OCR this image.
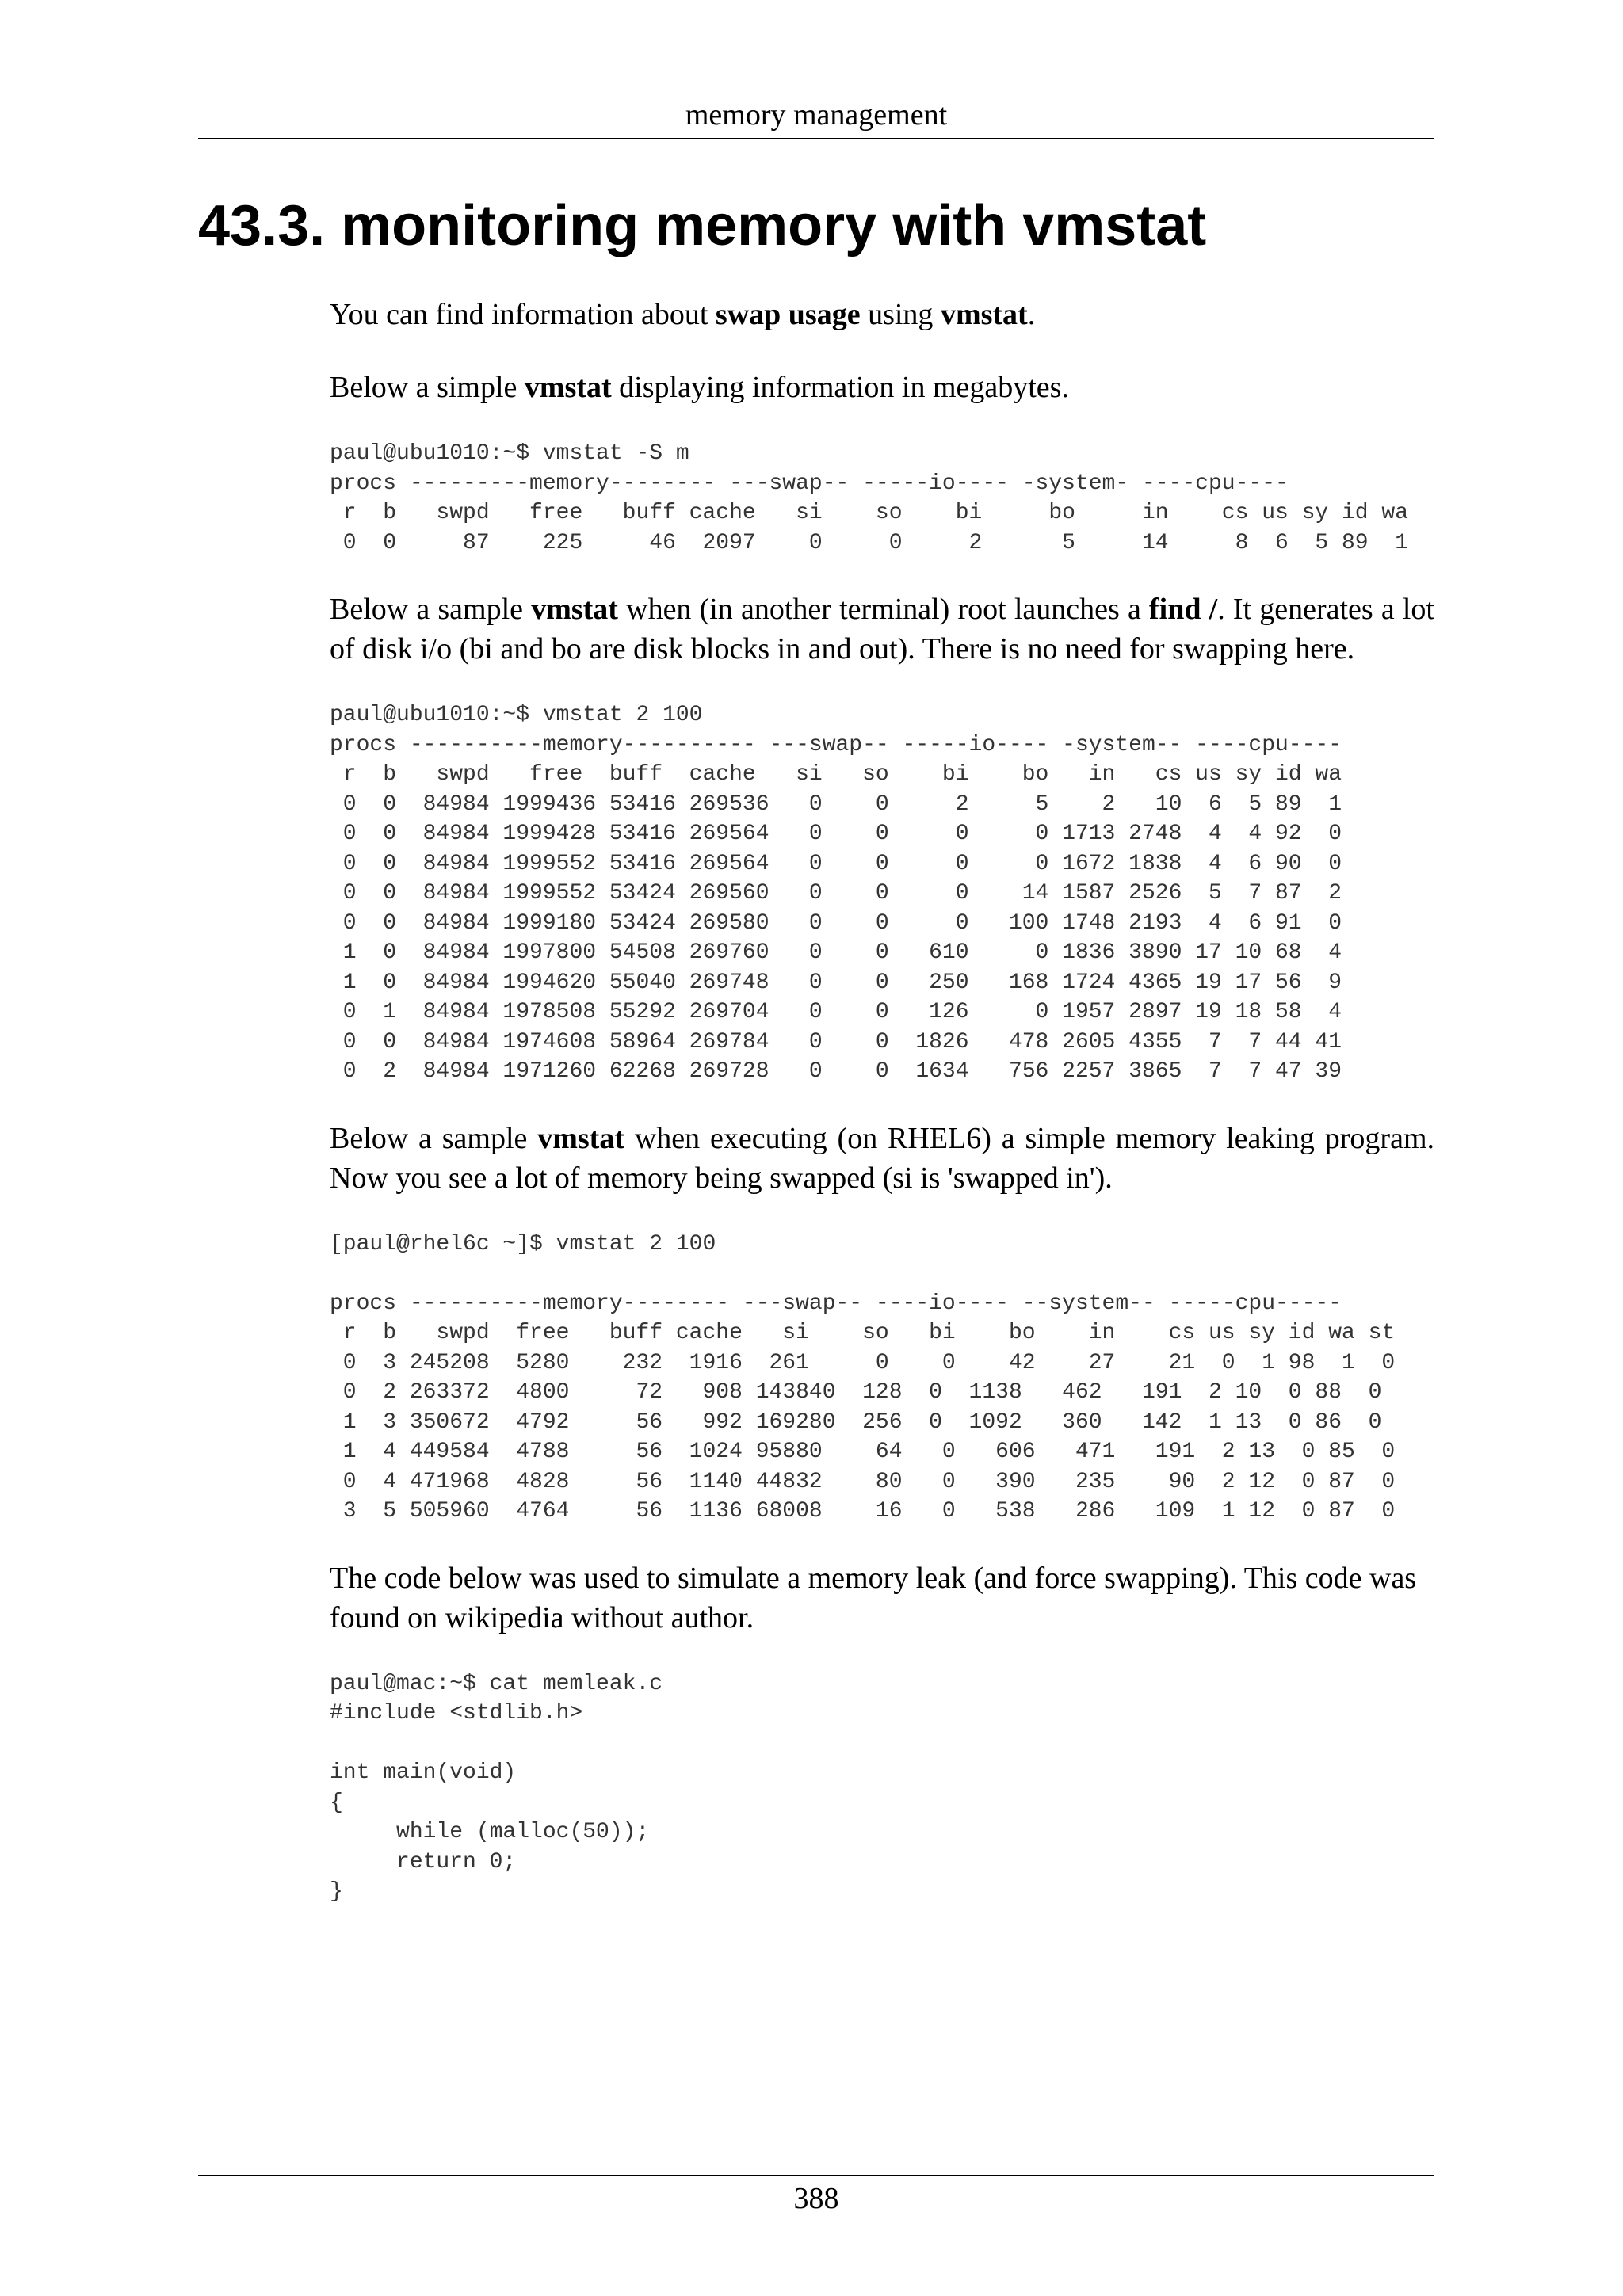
memory management
43.3. monitoring memory with vmstat

You can find information about swap usage using vmstat.

Below a simple vmstat displaying information in megabytes.

paul@ubu1010:~$ vmstat -S m
procs ---------memory-------- ---swap-- -----io---- -system- ----cpu----
r  b   swpd   free   buff cache   si    so    bi     bo     in    cs us sy id wa
0  0     87    225     46  2097    0     0     2      5     14     8  6  5 89  1

Below a sample vmstat when (in another terminal) root launches a find /. It generates a lot of disk i/o (bi and bo are disk blocks in and out). There is no need for swapping here.

paul@ubu1010:~$ vmstat 2 100
procs ----------memory---------- ---swap-- -----io---- -system-- ----cpu----
r  b   swpd   free  buff  cache   si   so    bi    bo   in   cs us sy id wa
0  0  84984 1999436 53416 269536   0    0     2     5    2   10  6  5 89  1
0  0  84984 1999428 53416 269564   0    0     0     0 1713 2748  4  4 92  0
0  0  84984 1999552 53416 269564   0    0     0     0 1672 1838  4  6 90  0
0  0  84984 1999552 53424 269560   0    0     0    14 1587 2526  5  7 87  2
0  0  84984 1999180 53424 269580   0    0     0   100 1748 2193  4  6 91  0
1  0  84984 1997800 54508 269760   0    0   610     0 1836 3890 17 10 68  4
1  0  84984 1994620 55040 269748   0    0   250   168 1724 4365 19 17 56  9
0  1  84984 1978508 55292 269704   0    0   126     0 1957 2897 19 18 58  4
0  0  84984 1974608 58964 269784   0    0  1826   478 2605 4355  7  7 44 41
0  2  84984 1971260 62268 269728   0    0  1634   756 2257 3865  7  7 47 39

Below a sample vmstat when executing (on RHEL6) a simple memory leaking program. Now you see a lot of memory being swapped (si is 'swapped in').

[paul@rhel6c ~]$ vmstat 2 100

procs ----------memory-------- ---swap-- ----io---- --system-- -----cpu-----
r  b   swpd  free   buff cache   si    so   bi    bo    in    cs us sy id wa st
0  3 245208  5280    232  1916  261     0    0    42    27    21  0  1 98  1  0
0  2 263372  4800     72   908 143840  128  0  1138   462   191  2 10  0 88  0
1  3 350672  4792     56   992 169280  256  0  1092   360   142  1 13  0 86  0
1  4 449584  4788     56  1024 95880    64   0   606   471   191  2 13  0 85  0
0  4 471968  4828     56  1140 44832    80   0   390   235    90  2 12  0 87  0
3  5 505960  4764     56  1136 68008    16   0   538   286   109  1 12  0 87  0

The code below was used to simulate a memory leak (and force swapping). This code was found on wikipedia without author.

paul@mac:~$ cat memleak.c
#include <stdlib.h>

int main(void)
{
while (malloc(50));
return 0;
}
388
